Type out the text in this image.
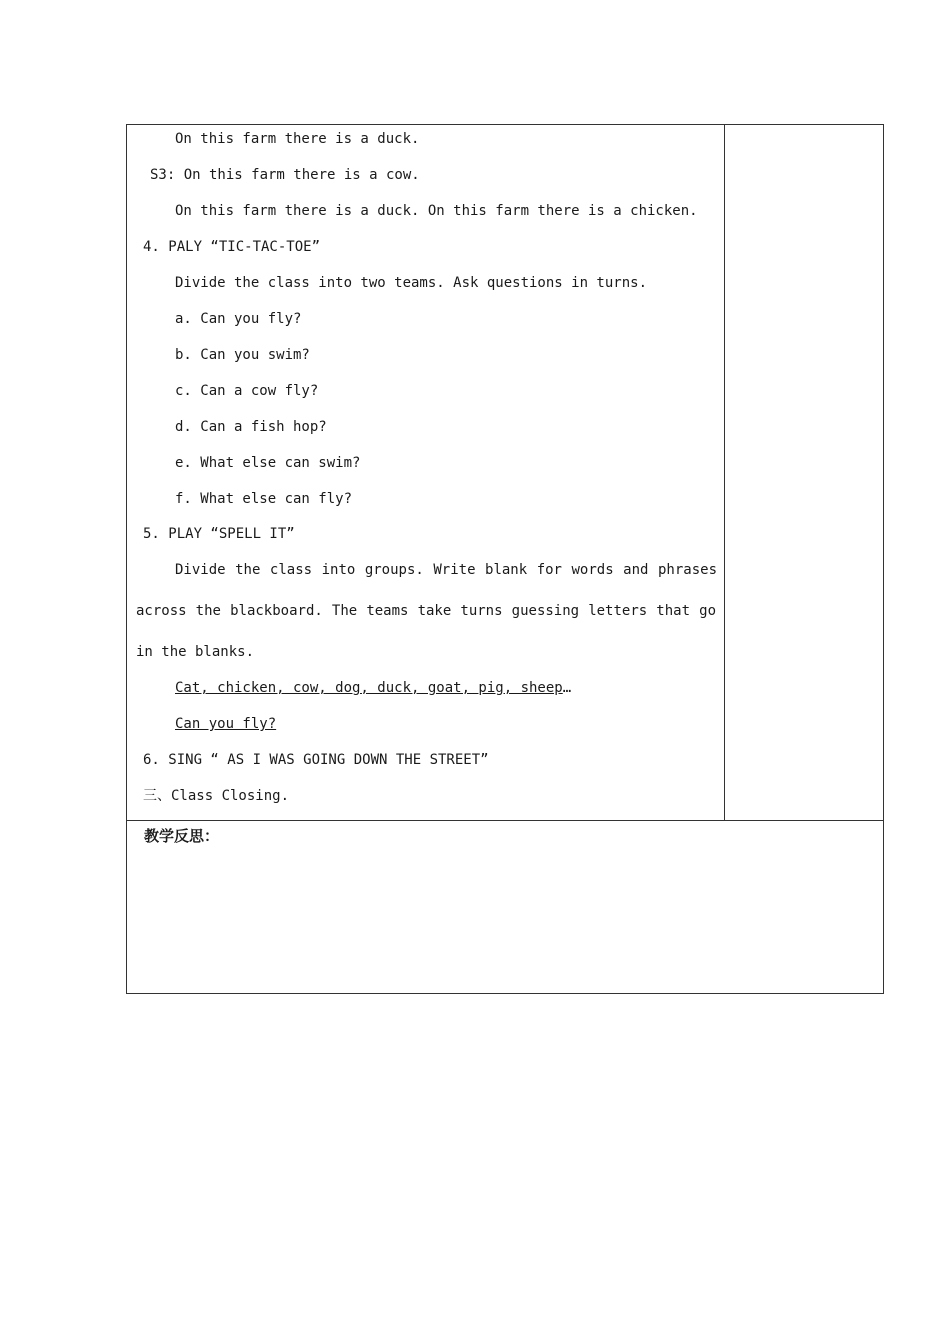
On this farm there is a duck.
S3: On this farm there is a cow.
On this farm there is a duck. On this farm there is a chicken.
4. PALY “TIC-TAC-TOE”
Divide the class into two teams. Ask questions in turns.
a. Can you fly?
b. Can you swim?
c. Can a cow fly?
d. Can a fish hop?
e. What else can swim?
f. What else can fly?
5. PLAY “SPELL IT”
Divide the class into groups. Write blank for words and phrases
across the blackboard. The teams take turns guessing letters that go
in the blanks.
Cat, chicken, cow, dog, duck, goat, pig, sheep…
Can you fly?
6. SING “ AS I WAS GOING DOWN THE STREET”
三、Class Closing.
教学反思：
